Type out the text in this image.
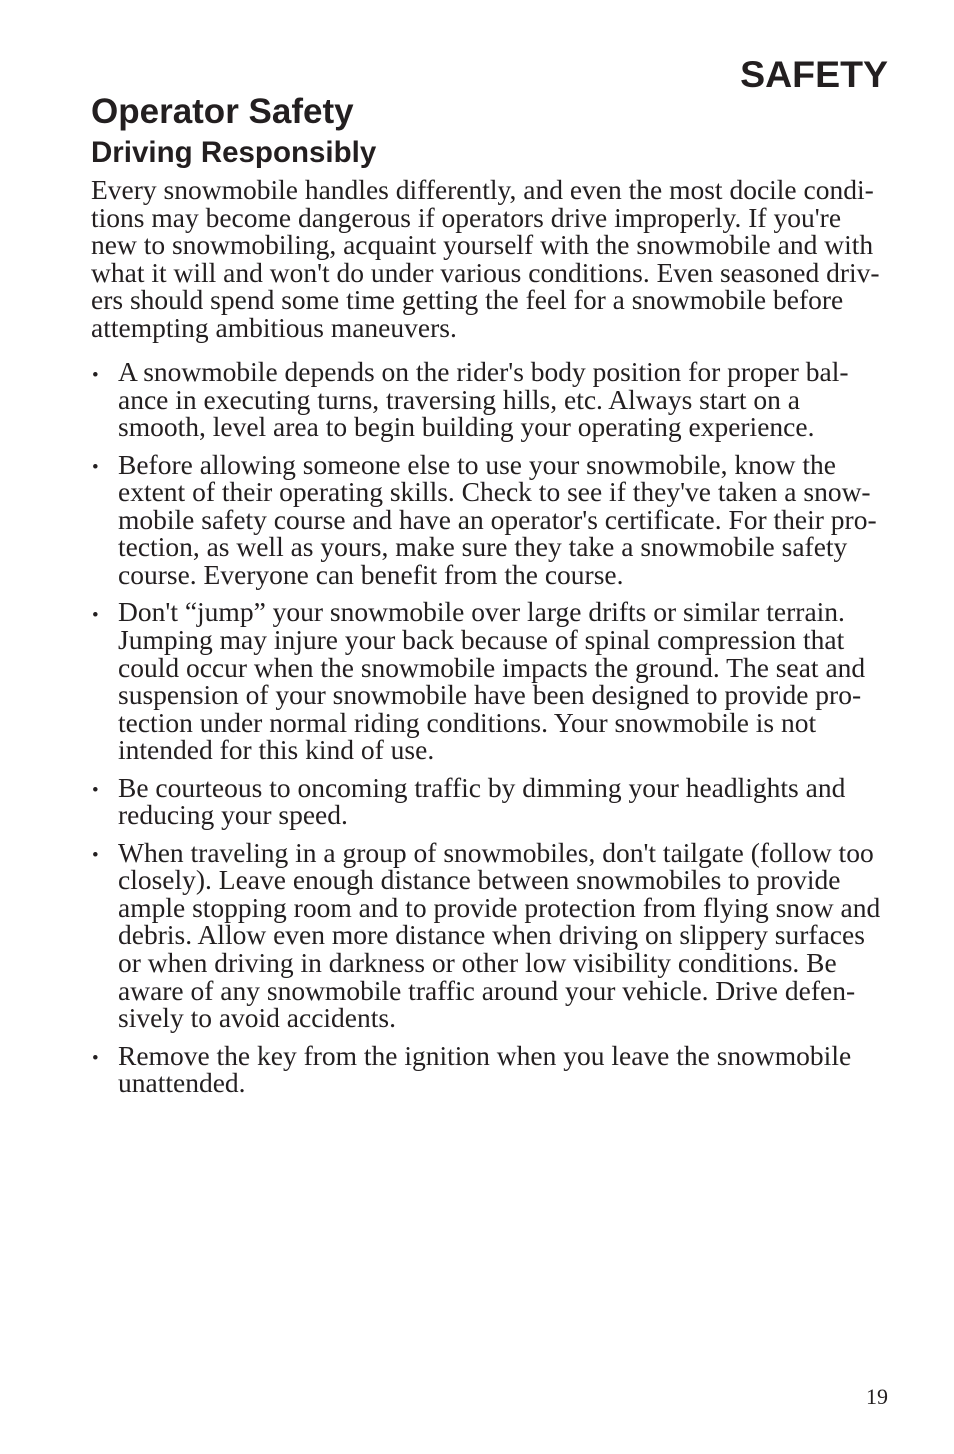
SAFETY
Operator Safety
Driving Responsibly

Every snowmobile handles differently, and even the most docile condi-
tions may become dangerous if operators drive improperly. If you're
new to snowmobiling, acquaint yourself with the snowmobile and with
what it will and won't do under various conditions. Even seasoned driv-
ers should spend some time getting the feel for a snowmobile before
attempting ambitious maneuvers.

• A snowmobile depends on the rider's body position for proper bal-
ance in executing turns, traversing hills, etc. Always start on a
smooth, level area to begin building your operating experience.
• Before allowing someone else to use your snowmobile, know the
extent of their operating skills. Check to see if they've taken a snow-
mobile safety course and have an operator's certificate. For their pro-
tection, as well as yours, make sure they take a snowmobile safety
course. Everyone can benefit from the course.
• Don't “jump” your snowmobile over large drifts or similar terrain.
Jumping may injure your back because of spinal compression that
could occur when the snowmobile impacts the ground. The seat and
suspension of your snowmobile have been designed to provide pro-
tection under normal riding conditions. Your snowmobile is not
intended for this kind of use.
• Be courteous to oncoming traffic by dimming your headlights and
reducing your speed.
• When traveling in a group of snowmobiles, don't tailgate (follow too
closely). Leave enough distance between snowmobiles to provide
ample stopping room and to provide protection from flying snow and
debris. Allow even more distance when driving on slippery surfaces
or when driving in darkness or other low visibility conditions. Be
aware of any snowmobile traffic around your vehicle. Drive defen-
sively to avoid accidents.
• Remove the key from the ignition when you leave the snowmobile
unattended.
19
